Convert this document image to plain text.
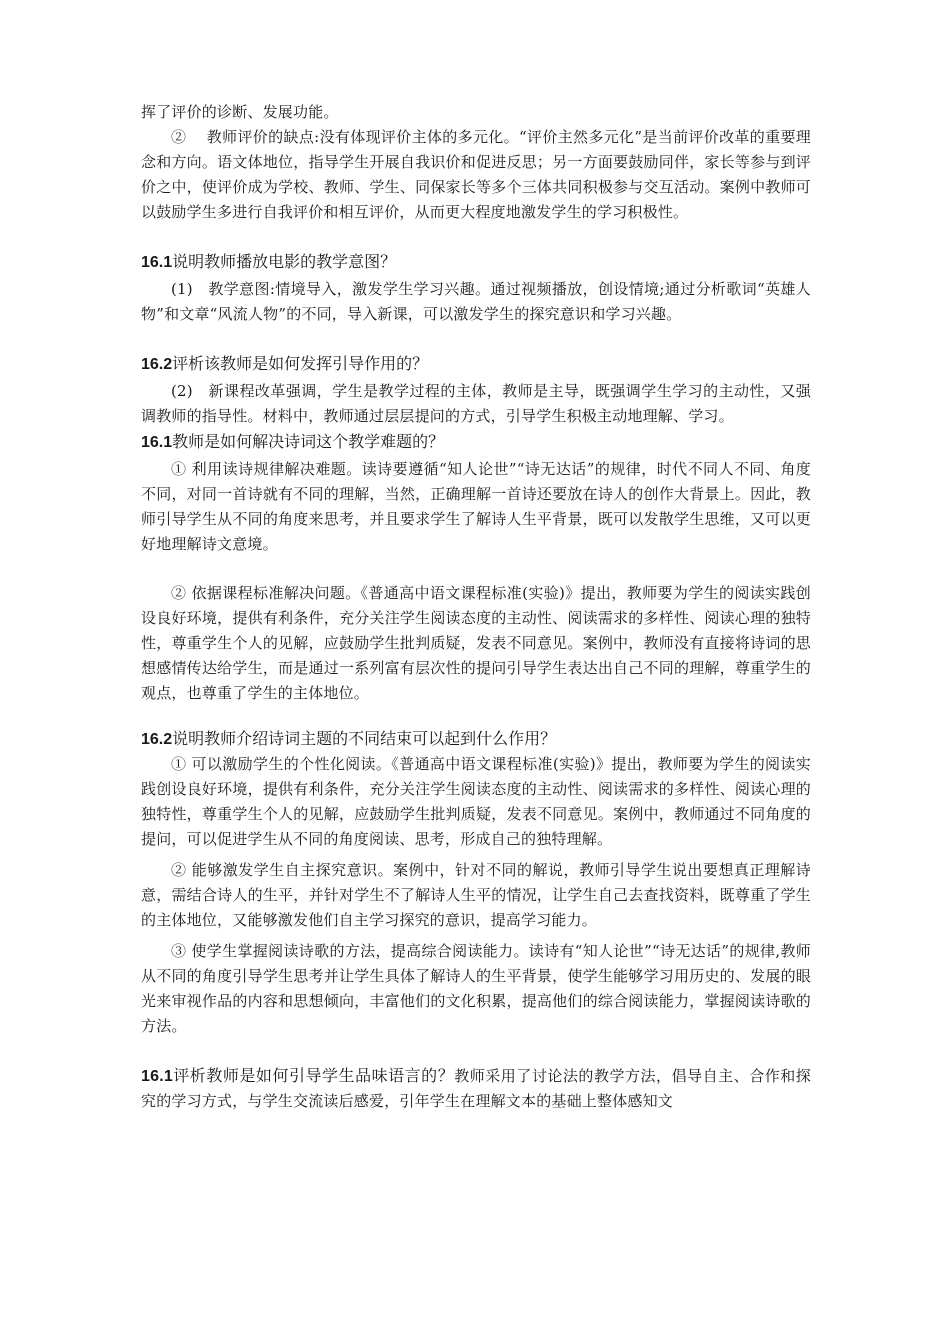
挥了评价的诊断、发展功能。

②　 教师评价的缺点:没有体现评价主体的多元化。“评价主然多元化”是当前评价改革的重要理念和方向。语文体地位，指导学生开展自我识价和促进反思；另一方面要鼓励同伴，家长等参与到评价之中，使评价成为学校、教师、学生、同保家长等多个三体共同积极参与交互活动。案例中教师可以鼓励学生多进行自我评价和相互评价，从而更大程度地激发学生的学习积极性。

16.1说明教师播放电影的教学意图？

(1)　教学意图:情境导入，激发学生学习兴趣。通过视频播放，创设情境;通过分析歌词“英雄人物”和文章“风流人物”的不同，导入新课，可以激发学生的探究意识和学习兴趣。

16.2评析该教师是如何发挥引导作用的？

(2)　新课程改革强调，学生是教学过程的主体，教师是主导，既强调学生学习的主动性，又强调教师的指导性。材料中，教师通过层层提问的方式，引导学生积极主动地理解、学习。

16.1教师是如何解决诗词这个教学难题的？

① 利用读诗规律解决难题。读诗要遵循“知人论世”“诗无达话”的规律，时代不同人不同、角度不同，对同一首诗就有不同的理解，当然，正确理解一首诗还要放在诗人的创作大背景上。因此，教师引导学生从不同的角度来思考，并且要求学生了解诗人生平背景，既可以发散学生思维，又可以更好地理解诗文意境。

② 依据课程标准解决问题。《普通高中语文课程标准(实验)》提出，教师要为学生的阅读实践创设良好环境，提供有利条件，充分关注学生阅读态度的主动性、阅读需求的多样性、阅读心理的独特性，尊重学生个人的见解，应鼓励学生批判质疑，发表不同意见。案例中，教师没有直接将诗词的思想感情传达给学生，而是通过一系列富有层次性的提问引导学生表达出自己不同的理解，尊重学生的观点，也尊重了学生的主体地位。

16.2说明教师介绍诗词主题的不同结束可以起到什么作用？

① 可以激励学生的个性化阅读。《普通高中语文课程标准(实验)》提出，教师要为学生的阅读实践创设良好环境，提供有利条件，充分关注学生阅读态度的主动性、阅读需求的多样性、阅读心理的独特性，尊重学生个人的见解，应鼓励学生批判质疑，发表不同意见。案例中，教师通过不同角度的提问，可以促进学生从不同的角度阅读、思考，形成自己的独特理解。

② 能够激发学生自主探究意识。案例中，针对不同的解说，教师引导学生说出要想真正理解诗意，需结合诗人的生平，并针对学生不了解诗人生平的情况，让学生自己去查找资料，既尊重了学生的主体地位，又能够激发他们自主学习探究的意识，提高学习能力。

③ 使学生掌握阅读诗歌的方法，提高综合阅读能力。读诗有“知人论世”“诗无达话”的规律,教师从不同的角度引导学生思考并让学生具体了解诗人的生平背景，使学生能够学习用历史的、发展的眼光来审视作品的内容和思想倾向，丰富他们的文化积累，提高他们的综合阅读能力，掌握阅读诗歌的方法。

16.1评析教师是如何引导学生品味语言的？教师采用了讨论法的教学方法，倡导自主、合作和探究的学习方式，与学生交流读后感爱，引年学生在理解文本的基础上整体感知文
